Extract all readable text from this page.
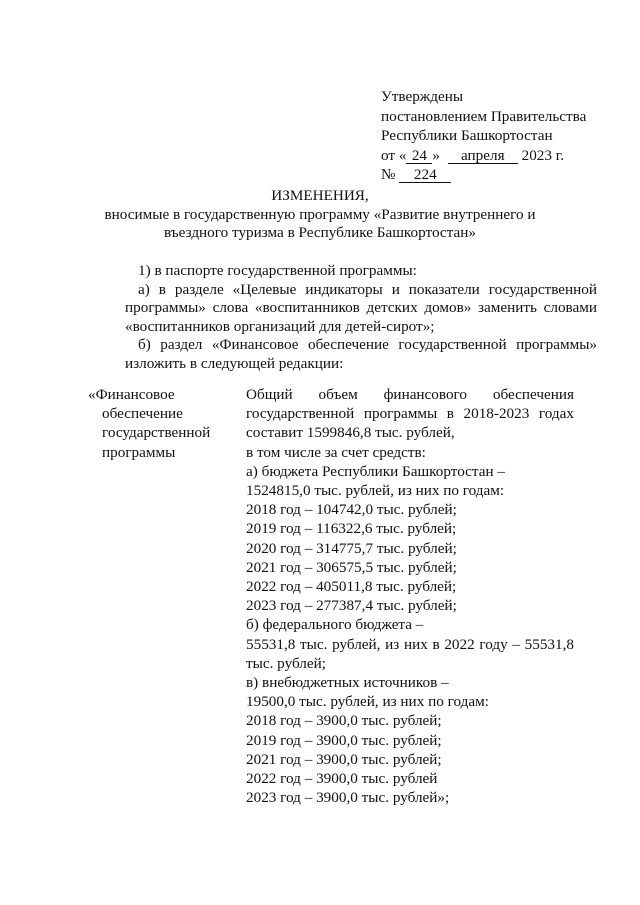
Утверждены
постановлением Правительства
Республики Башкортостан
от « 24 » апреля 2023 г.
№ 224
ИЗМЕНЕНИЯ,
вносимые в государственную программу «Развитие внутреннего и
въездного туризма в Республике Башкортостан»
1) в паспорте государственной программы:
а) в разделе «Целевые индикаторы и показатели государственной программы» слова «воспитанников детских домов» заменить словами «воспитанников организаций для детей-сирот»;
б) раздел «Финансовое обеспечение государственной программы» изложить в следующей редакции:
«Финансовое
обеспечение
государственной
программы
Общий объем финансового обеспечения государственной программы в 2018-2023 годах составит 1599846,8 тыс. рублей,
в том числе за счет средств:
а) бюджета Республики Башкортостан –
1524815,0 тыс. рублей, из них по годам:
2018 год – 104742,0 тыс. рублей;
2019 год – 116322,6 тыс. рублей;
2020 год – 314775,7 тыс. рублей;
2021 год – 306575,5 тыс. рублей;
2022 год – 405011,8 тыс. рублей;
2023 год – 277387,4 тыс. рублей;
б) федерального бюджета –
55531,8 тыс. рублей, из них в 2022 году – 55531,8 тыс. рублей;
в) внебюджетных источников –
19500,0 тыс. рублей, из них по годам:
2018 год – 3900,0 тыс. рублей;
2019 год – 3900,0 тыс. рублей;
2021 год – 3900,0 тыс. рублей;
2022 год – 3900,0 тыс. рублей
2023 год – 3900,0 тыс. рублей»;
